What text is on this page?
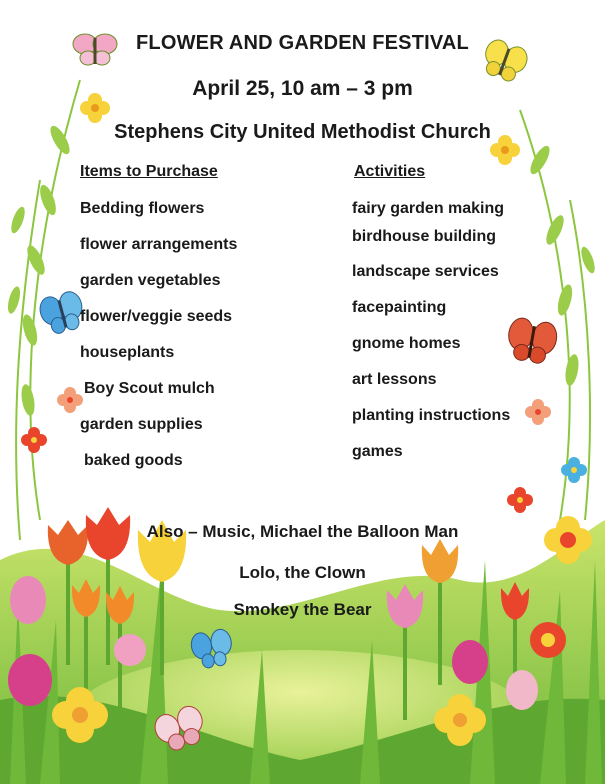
FLOWER AND GARDEN FESTIVAL
April 25, 10 am – 3 pm
Stephens City United Methodist Church
Items to Purchase	Activities
Bedding flowers
flower arrangements
garden vegetables
flower/veggie seeds
houseplants
Boy Scout mulch
garden supplies
baked goods
fairy garden making
birdhouse building
landscape services
facepainting
gnome homes
art lessons
planting instructions
games
Also – Music, Michael the Balloon Man
Lolo, the Clown
Smokey the Bear
